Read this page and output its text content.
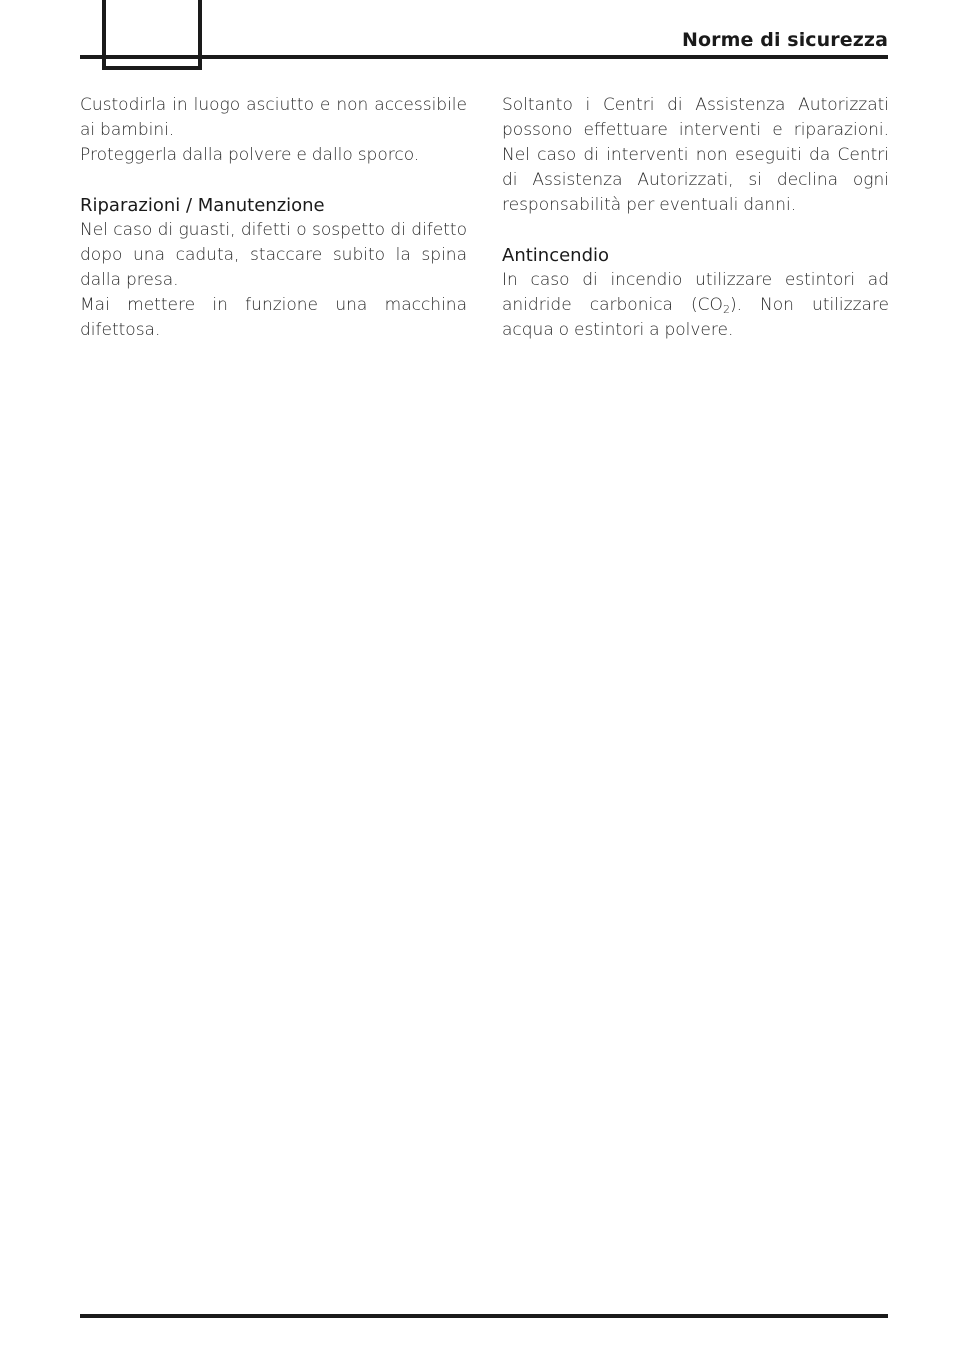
Norme di sicurezza

Custodirla in luogo asciutto e non accessibile ai bambini.

Proteggerla dalla polvere e dallo sporco.

Riparazioni / Manutenzione

Nel caso di guasti, difetti o sospetto di difetto dopo una caduta, staccare subito la spina dalla presa.

Mai mettere in funzione una macchina difettosa.

Soltanto i Centri di Assistenza Autorizzati possono effettuare interventi e riparazioni. Nel caso di interventi non eseguiti da Centri di Assistenza Autorizzati, si declina ogni responsabilità per eventuali danni.

Antincendio

In caso di incendio utilizzare estintori ad anidride carbonica $(CO_2)$. Non utilizzare acqua o estintori a polvere.
